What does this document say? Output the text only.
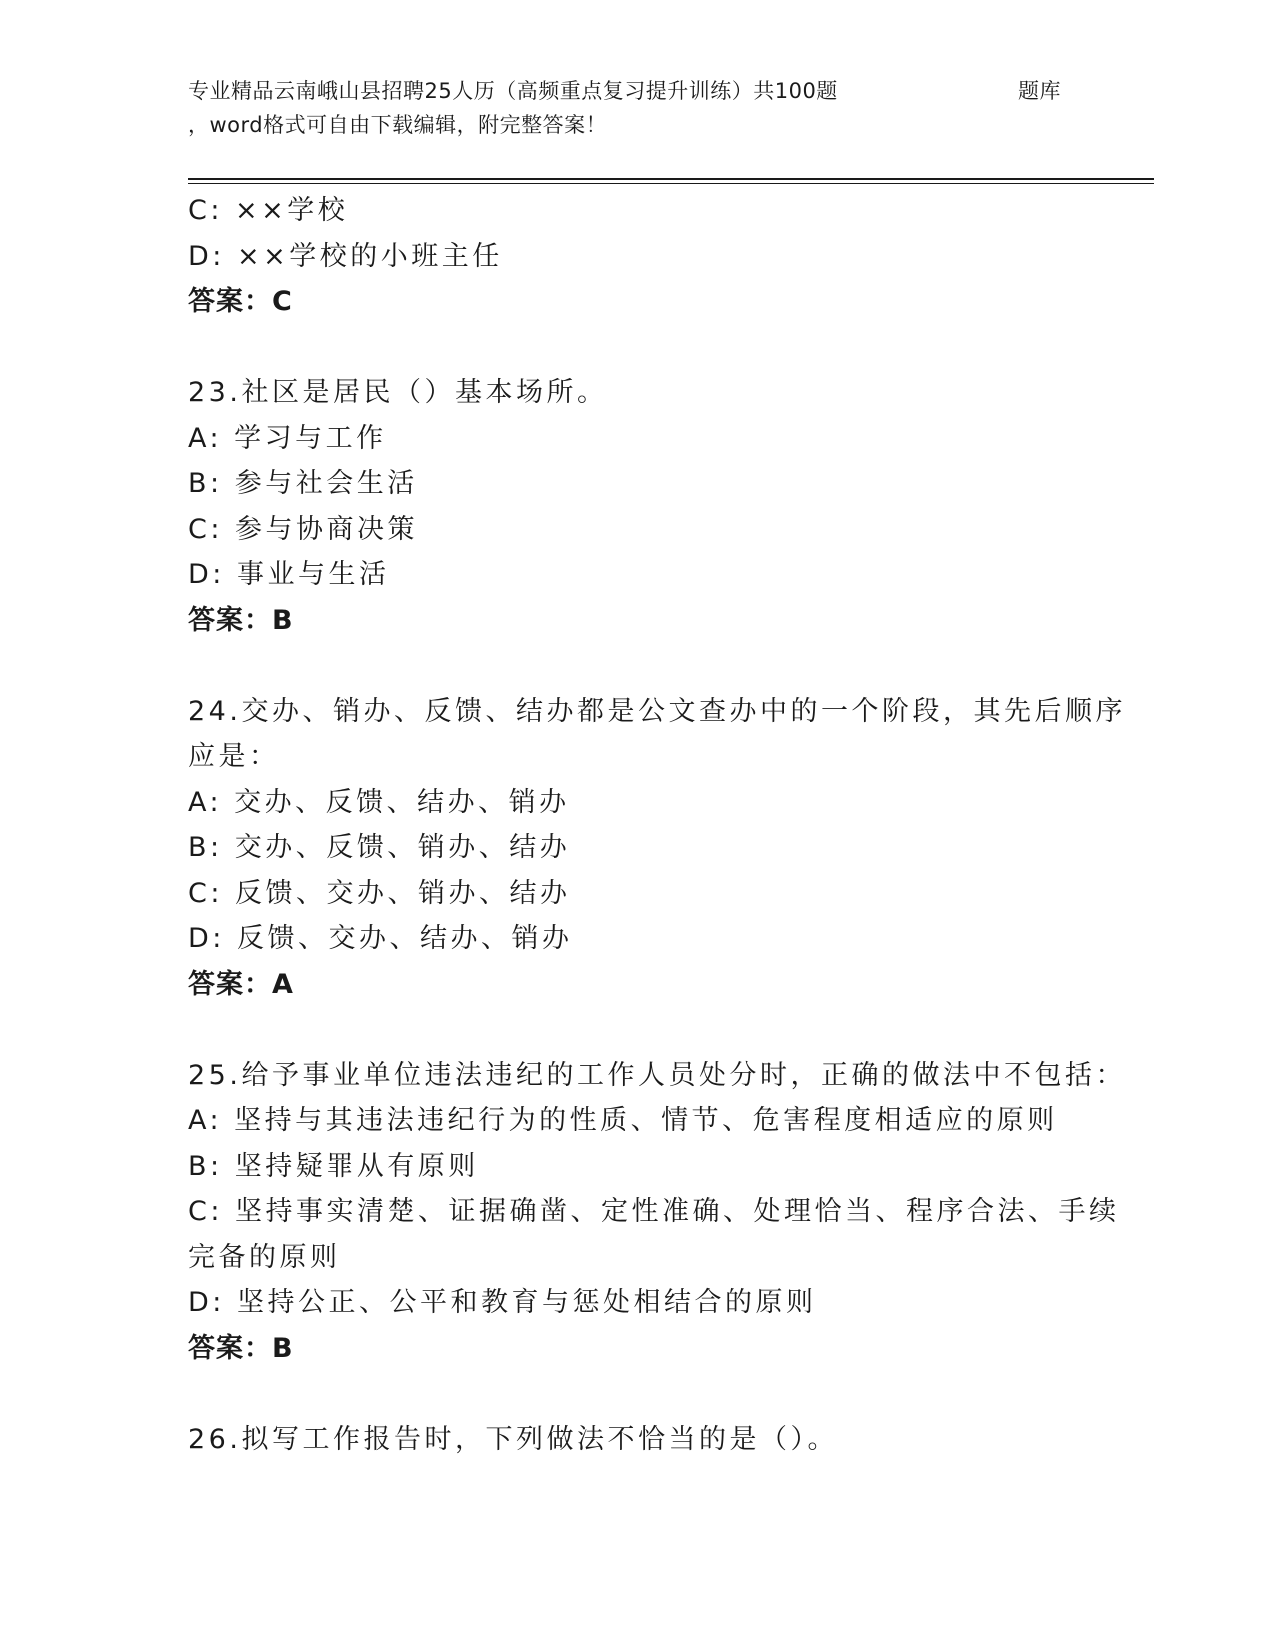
专业精品云南峨山县招聘25人历（高频重点复习提升训练）共100题	题库
，word格式可自由下载编辑，附完整答案！
C: ××学校
D: ××学校的小班主任
答案：C
23.社区是居民（）基本场所。
A: 学习与工作
B: 参与社会生活
C: 参与协商决策
D: 事业与生活
答案：B
24.交办、销办、反馈、结办都是公文查办中的一个阶段，其先后顺序
应是：
A: 交办、反馈、结办、销办
B: 交办、反馈、销办、结办
C: 反馈、交办、销办、结办
D: 反馈、交办、结办、销办
答案：A
25.给予事业单位违法违纪的工作人员处分时，正确的做法中不包括：
A: 坚持与其违法违纪行为的性质、情节、危害程度相适应的原则
B: 坚持疑罪从有原则
C: 坚持事实清楚、证据确凿、定性准确、处理恰当、程序合法、手续
完备的原则
D: 坚持公正、公平和教育与惩处相结合的原则
答案：B
26.拟写工作报告时，下列做法不恰当的是（）。
